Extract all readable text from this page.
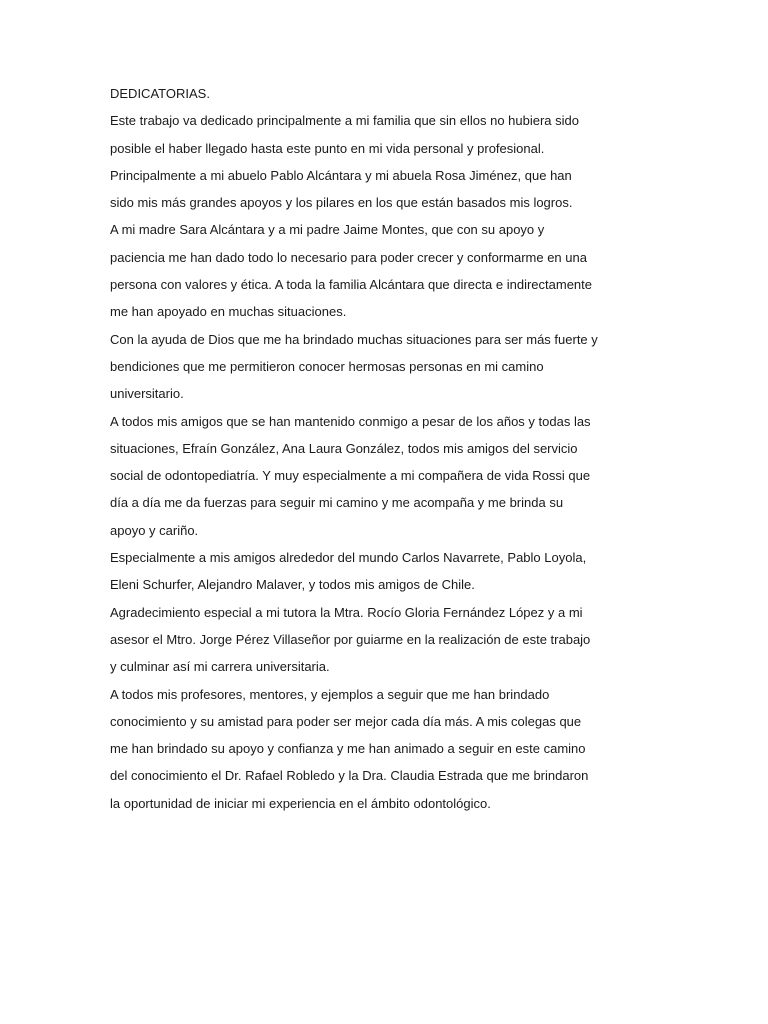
DEDICATORIAS.
Este trabajo va dedicado principalmente a mi familia que sin ellos no hubiera sido
posible el haber llegado hasta este punto en mi vida personal y profesional.
Principalmente a mi abuelo Pablo Alcántara y mi abuela Rosa Jiménez, que han
sido mis más grandes apoyos y los pilares en los que están basados mis logros.
A mi madre Sara Alcántara y a mi padre Jaime Montes, que con su apoyo y
paciencia me han dado todo lo necesario para poder crecer y conformarme en una
persona con valores y ética. A toda la familia Alcántara que directa e indirectamente
me han apoyado en muchas situaciones.
Con la ayuda de Dios que me ha brindado muchas situaciones para ser más fuerte y
bendiciones que me permitieron conocer hermosas personas en mi camino
universitario.
A todos mis amigos que se han mantenido conmigo a pesar de los años y todas las
situaciones, Efraín González, Ana Laura González, todos mis amigos del servicio
social de odontopediatría. Y muy especialmente a mi compañera de vida Rossi que
día a día me da fuerzas para seguir mi camino y me acompaña y me brinda su
apoyo y cariño.
Especialmente a mis amigos alrededor del mundo Carlos Navarrete, Pablo Loyola,
Eleni Schurfer, Alejandro Malaver, y todos mis amigos de Chile.
Agradecimiento especial a mi tutora la Mtra. Rocío Gloria Fernández López y a mi
asesor el Mtro. Jorge Pérez Villaseñor por guiarme en la realización de este trabajo
y culminar así mi carrera universitaria.
A todos mis profesores, mentores, y ejemplos a seguir que me han brindado
conocimiento y su amistad para poder ser mejor cada día más. A mis colegas que
me han brindado su apoyo y confianza y me han animado a seguir en este camino
del conocimiento el Dr. Rafael Robledo y la Dra. Claudia Estrada que me brindaron
la oportunidad de iniciar mi experiencia en el ámbito odontológico.
